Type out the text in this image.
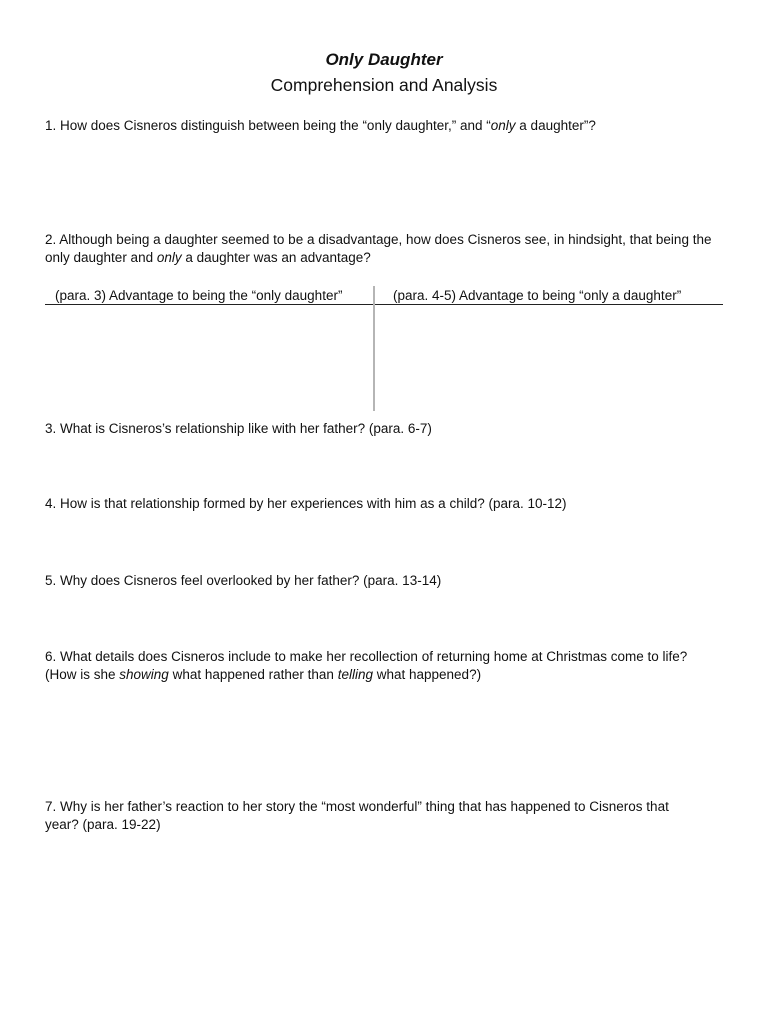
Only Daughter
Comprehension and Analysis
1. How does Cisneros distinguish between being the “only daughter,” and “only a daughter”?
2. Although being a daughter seemed to be a disadvantage, how does Cisneros see, in hindsight, that being the only daughter and only a daughter was an advantage?
(para. 3) Advantage to being the “only daughter”	(para. 4-5) Advantage to being “only a daughter”
3. What is Cisneros’s relationship like with her father? (para. 6-7)
4. How is that relationship formed by her experiences with him as a child? (para. 10-12)
5. Why does Cisneros feel overlooked by her father? (para. 13-14)
6. What details does Cisneros include to make her recollection of returning home at Christmas come to life?
(How is she showing what happened rather than telling what happened?)
7. Why is her father’s reaction to her story the “most wonderful” thing that has happened to Cisneros that year? (para. 19-22)
